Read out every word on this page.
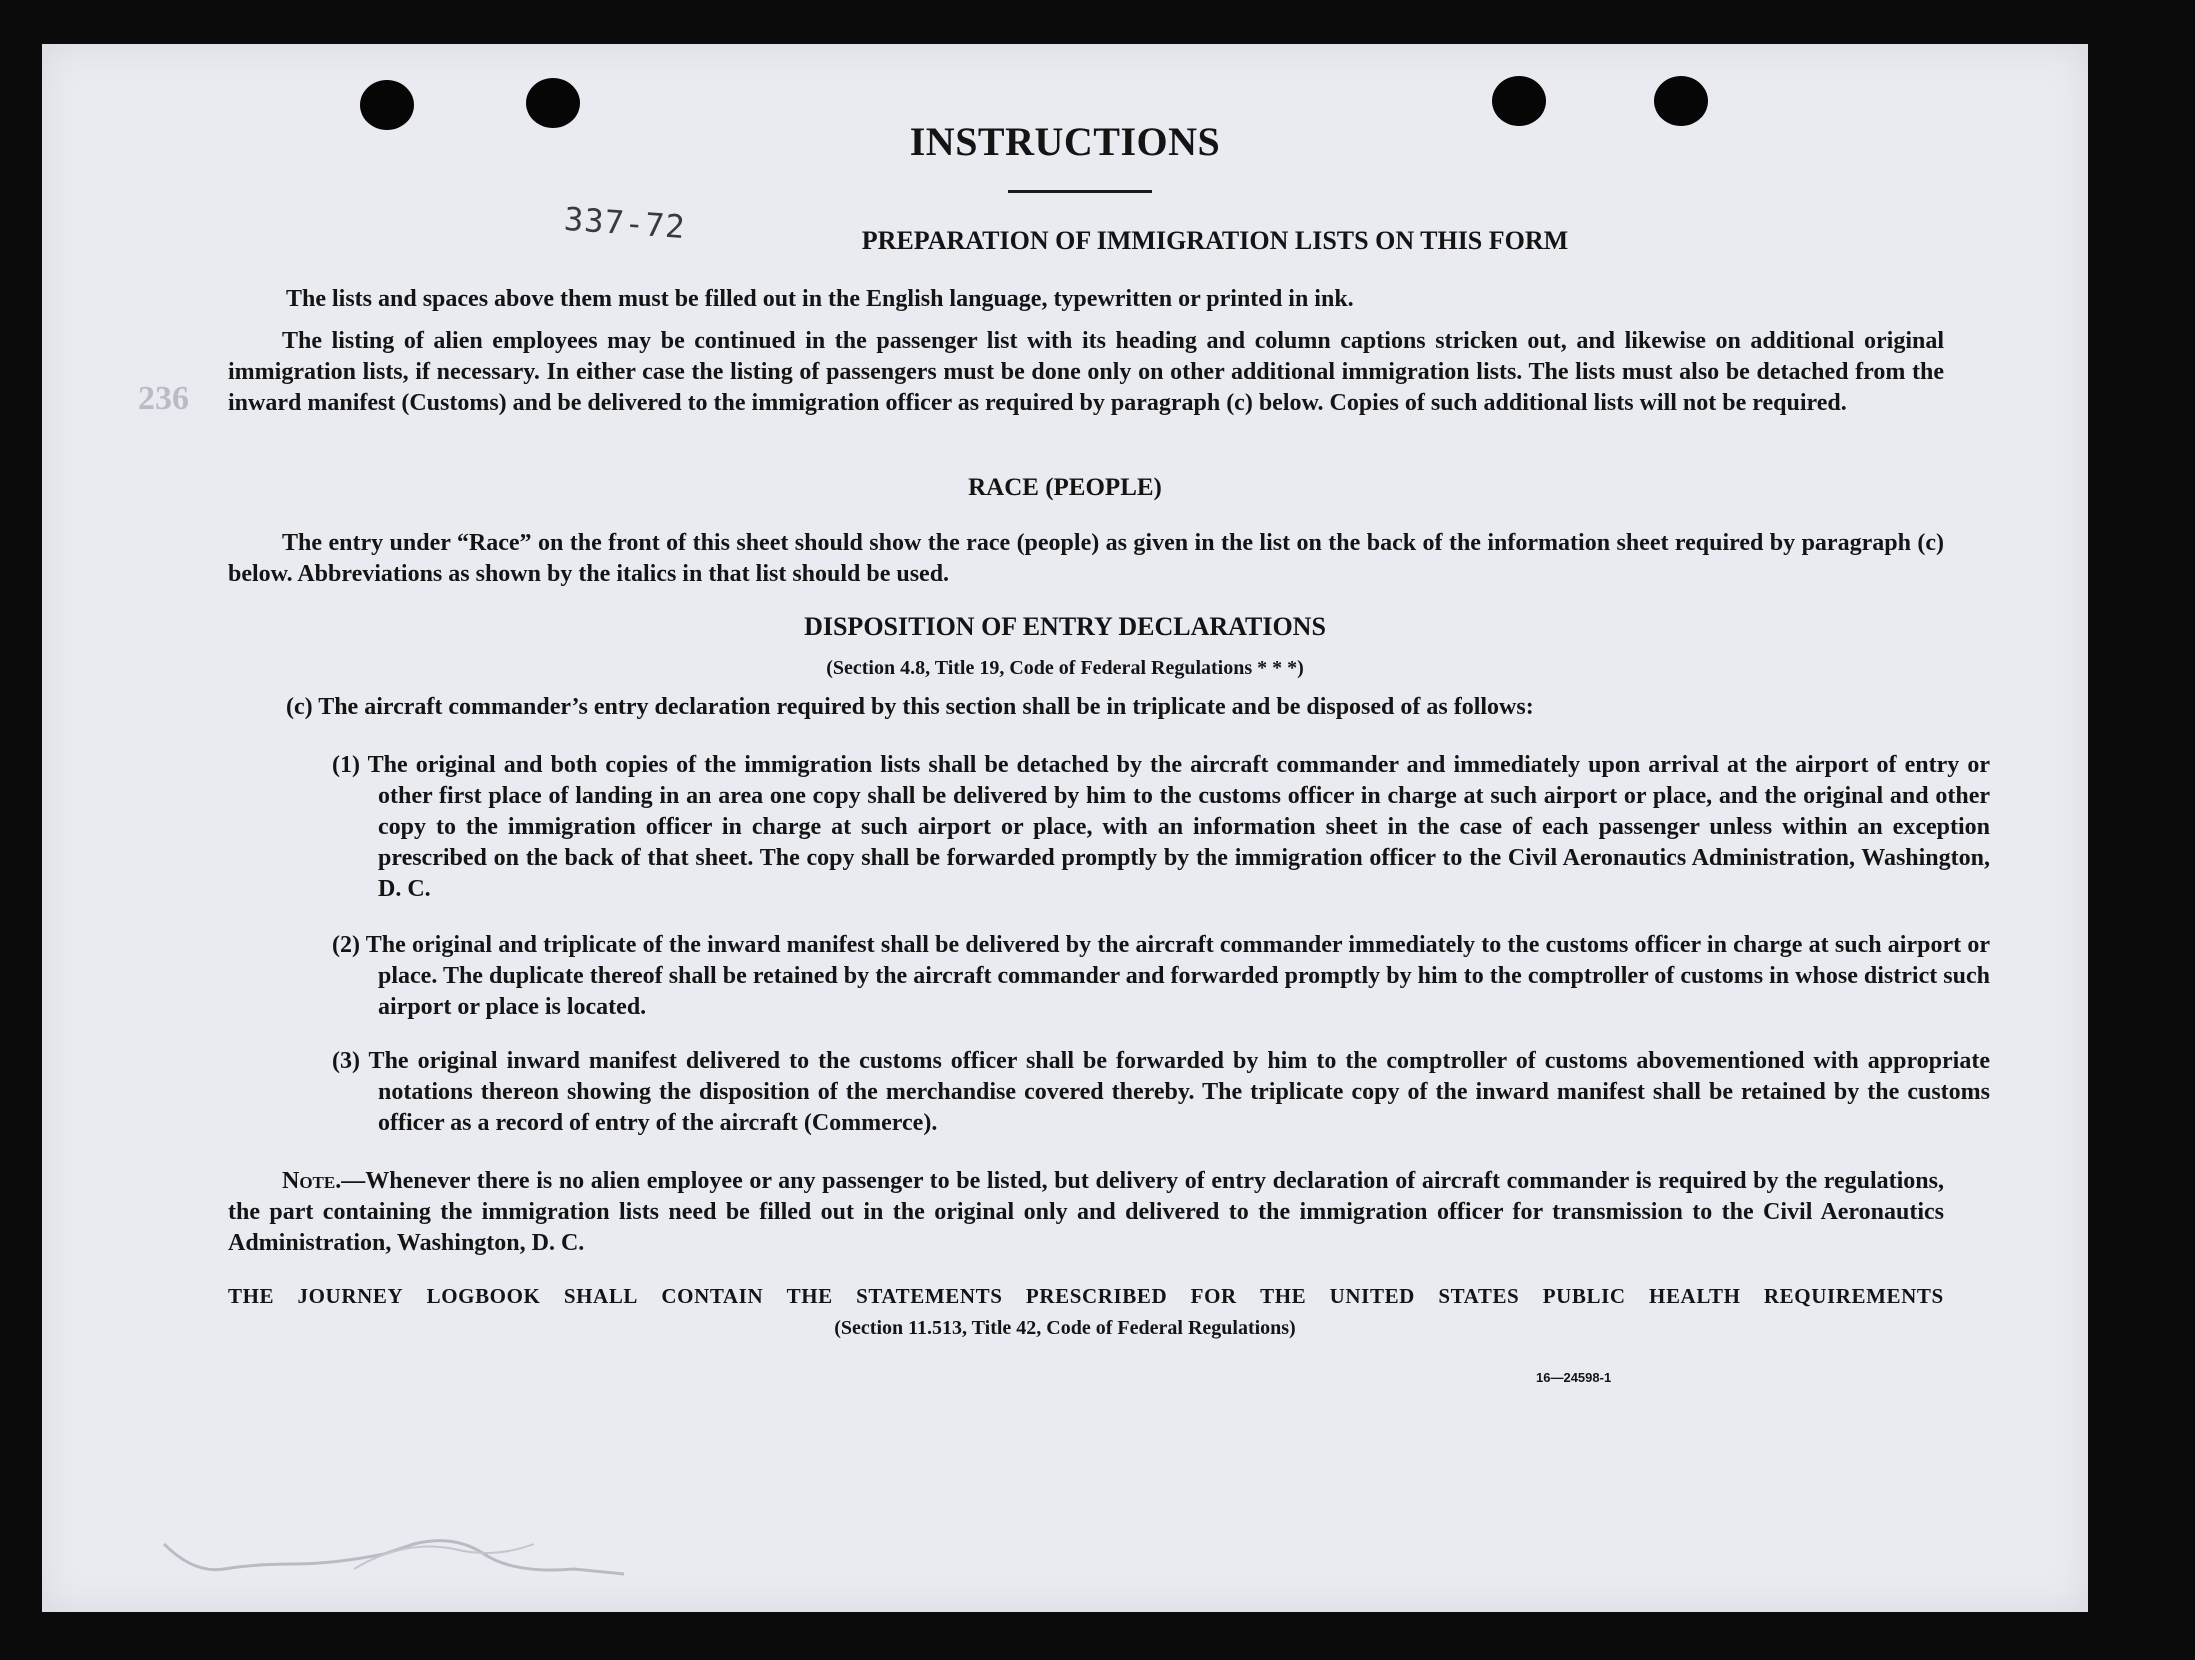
236
INSTRUCTIONS
337-72	PREPARATION OF IMMIGRATION LISTS ON THIS FORM
The lists and spaces above them must be filled out in the English language, typewritten or printed in ink.
The listing of alien employees may be continued in the passenger list with its heading and column captions stricken out, and likewise on additional original immigration lists, if necessary. In either case the listing of passengers must be done only on other additional immigration lists. The lists must also be detached from the inward manifest (Customs) and be delivered to the immigration officer as required by paragraph (c) below. Copies of such additional lists will not be required.
RACE (PEOPLE)
The entry under “Race” on the front of this sheet should show the race (people) as given in the list on the back of the information sheet required by paragraph (c) below. Abbreviations as shown by the italics in that list should be used.
DISPOSITION OF ENTRY DECLARATIONS
(Section 4.8, Title 19, Code of Federal Regulations * * *)
(c) The aircraft commander’s entry declaration required by this section shall be in triplicate and be disposed of as follows:
(1) The original and both copies of the immigration lists shall be detached by the aircraft commander and immediately upon arrival at the airport of entry or other first place of landing in an area one copy shall be delivered by him to the customs officer in charge at such airport or place, and the original and other copy to the immigration officer in charge at such airport or place, with an information sheet in the case of each passenger unless within an exception prescribed on the back of that sheet. The copy shall be forwarded promptly by the immigration officer to the Civil Aeronautics Administration, Washington, D. C.
(2) The original and triplicate of the inward manifest shall be delivered by the aircraft commander immediately to the customs officer in charge at such airport or place. The duplicate thereof shall be retained by the aircraft commander and forwarded promptly by him to the comptroller of customs in whose district such airport or place is located.
(3) The original inward manifest delivered to the customs officer shall be forwarded by him to the comptroller of customs abovementioned with appropriate notations thereon showing the disposition of the merchandise covered thereby. The triplicate copy of the inward manifest shall be retained by the customs officer as a record of entry of the aircraft (Commerce).
Note.—Whenever there is no alien employee or any passenger to be listed, but delivery of entry declaration of aircraft commander is required by the regulations, the part containing the immigration lists need be filled out in the original only and delivered to the immigration officer for transmission to the Civil Aeronautics Administration, Washington, D. C.
THE JOURNEY LOGBOOK SHALL CONTAIN THE STATEMENTS PRESCRIBED FOR THE UNITED STATES PUBLIC HEALTH REQUIREMENTS
(Section 11.513, Title 42, Code of Federal Regulations)
16—24598-1
